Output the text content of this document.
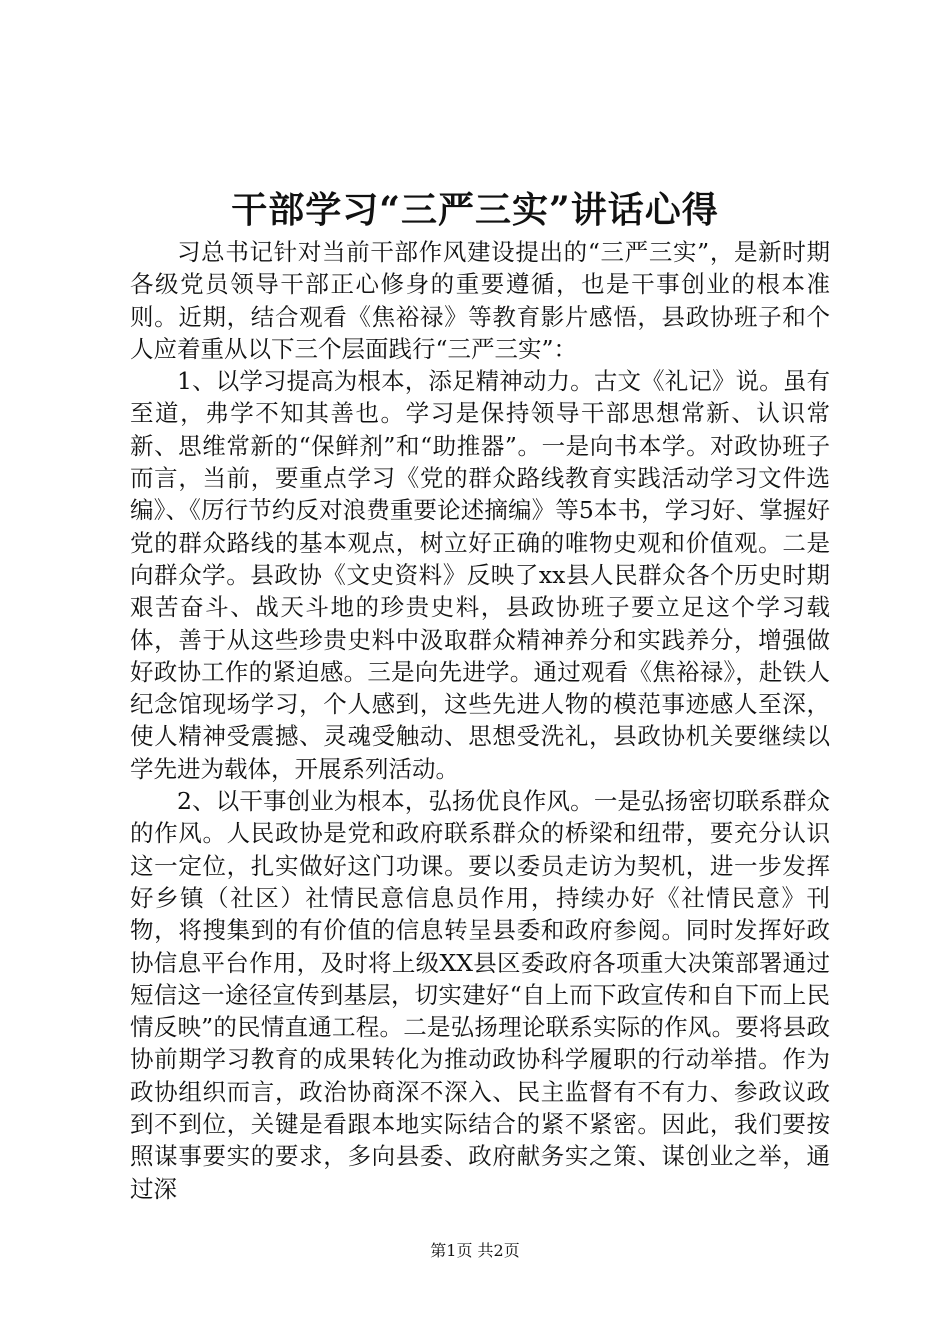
干部学习“三严三实”讲话心得

习总书记针对当前干部作风建设提出的“三严三实”，是新时期各级党员领导干部正心修身的重要遵循，也是干事创业的根本准则。近期，结合观看《焦裕禄》等教育影片感悟，县政协班子和个人应着重从以下三个层面践行“三严三实”：

1、以学习提高为根本，添足精神动力。古文《礼记》说。虽有至道，弗学不知其善也。学习是保持领导干部思想常新、认识常新、思维常新的“保鲜剂”和“助推器”。一是向书本学。对政协班子而言，当前，要重点学习《党的群众路线教育实践活动学习文件选编》、《厉行节约反对浪费重要论述摘编》等5本书，学习好、掌握好党的群众路线的基本观点，树立好正确的唯物史观和价值观。二是向群众学。县政协《文史资料》反映了xx县人民群众各个历史时期艰苦奋斗、战天斗地的珍贵史料，县政协班子要立足这个学习载体，善于从这些珍贵史料中汲取群众精神养分和实践养分，增强做好政协工作的紧迫感。三是向先进学。通过观看《焦裕禄》，赴铁人纪念馆现场学习，个人感到，这些先进人物的模范事迹感人至深，使人精神受震撼、灵魂受触动、思想受洗礼，县政协机关要继续以学先进为载体，开展系列活动。

2、以干事创业为根本，弘扬优良作风。一是弘扬密切联系群众的作风。人民政协是党和政府联系群众的桥梁和纽带，要充分认识这一定位，扎实做好这门功课。要以委员走访为契机，进一步发挥好乡镇（社区）社情民意信息员作用，持续办好《社情民意》刊物，将搜集到的有价值的信息转呈县委和政府参阅。同时发挥好政协信息平台作用，及时将上级XX县区委政府各项重大决策部署通过短信这一途径宣传到基层，切实建好“自上而下政宣传和自下而上民情反映”的民情直通工程。二是弘扬理论联系实际的作风。要将县政协前期学习教育的成果转化为推动政协科学履职的行动举措。作为政协组织而言，政治协商深不深入、民主监督有不有力、参政议政到不到位，关键是看跟本地实际结合的紧不紧密。因此，我们要按照谋事要实的要求，多向县委、政府献务实之策、谋创业之举，通过深

第1页 共2页
